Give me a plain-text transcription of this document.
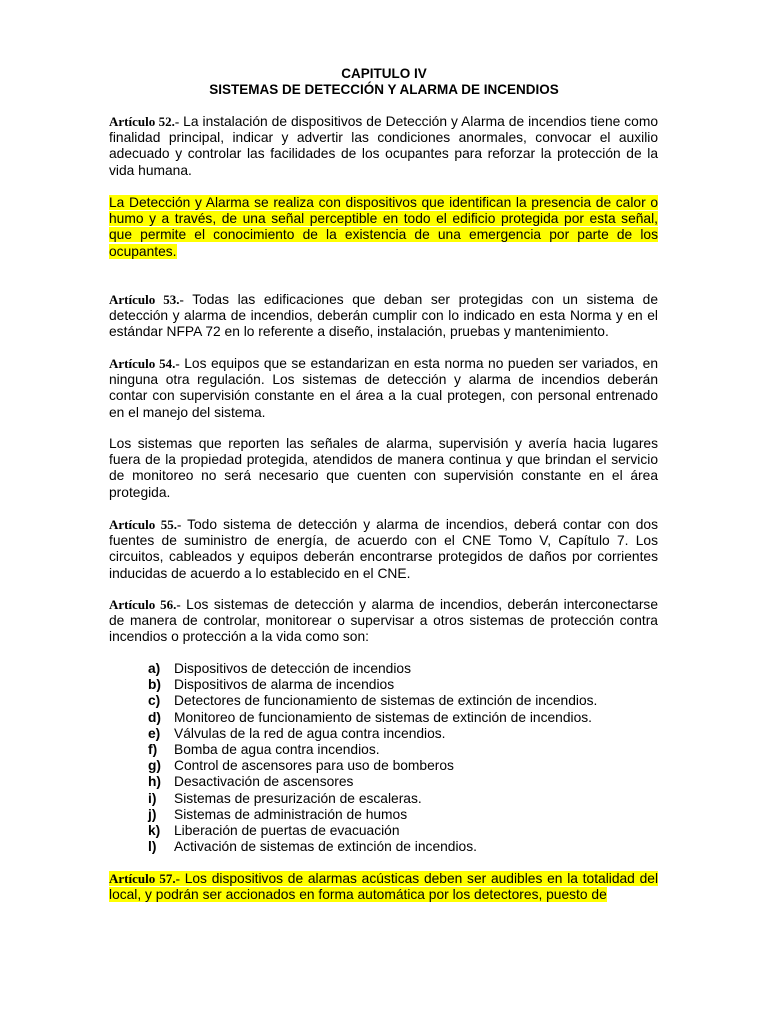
CAPITULO IV
SISTEMAS DE DETECCIÓN Y ALARMA DE INCENDIOS

Artículo 52.- La instalación de dispositivos de Detección y Alarma de incendios tiene como finalidad principal, indicar y advertir las condiciones anormales, convocar el auxilio adecuado y controlar las facilidades de los ocupantes para reforzar la protección de la vida humana.

La Detección y Alarma se realiza con dispositivos que identifican la presencia de calor o humo y a través, de una señal perceptible en todo el edificio protegida por esta señal, que permite el conocimiento de la existencia de una emergencia por parte de los ocupantes.

Artículo 53.- Todas las edificaciones que deban ser protegidas con un sistema de detección y alarma de incendios, deberán cumplir con lo indicado en esta Norma y en el estándar NFPA 72 en lo referente a diseño, instalación, pruebas y mantenimiento.

Artículo 54.- Los equipos que se estandarizan en esta norma no pueden ser variados, en ninguna otra regulación. Los sistemas de detección y alarma de incendios deberán contar con supervisión constante en el área a la cual protegen, con personal entrenado en el manejo del sistema.

Los sistemas que reporten las señales de alarma, supervisión y avería hacia lugares fuera de la propiedad protegida, atendidos de manera continua y que brindan el servicio de monitoreo no será necesario que cuenten con supervisión constante en el área protegida.

Artículo 55.- Todo sistema de detección y alarma de incendios, deberá contar con dos fuentes de suministro de energía, de acuerdo con el CNE Tomo V, Capítulo 7. Los circuitos, cableados y equipos deberán encontrarse protegidos de daños por corrientes inducidas de acuerdo a lo establecido en el CNE.

Artículo 56.- Los sistemas de detección y alarma de incendios, deberán interconectarse de manera de controlar, monitorear o supervisar a otros sistemas de protección contra incendios o protección a la vida como son:

a) Dispositivos de detección de incendios
b) Dispositivos de alarma de incendios
c) Detectores de funcionamiento de sistemas de extinción de incendios.
d) Monitoreo de funcionamiento de sistemas de extinción de incendios.
e) Válvulas de la red de agua contra incendios.
f)	Bomba de agua contra incendios.
g) Control de ascensores para uso de bomberos
h) Desactivación de ascensores
i)	Sistemas de presurización de escaleras.
j)	Sistemas de administración de humos
k) Liberación de puertas de evacuación
l)	Activación de sistemas de extinción de incendios.

Artículo 57.- Los dispositivos de alarmas acústicas deben ser audibles en la totalidad del local, y podrán ser accionados en forma automática por los detectores, puesto de
